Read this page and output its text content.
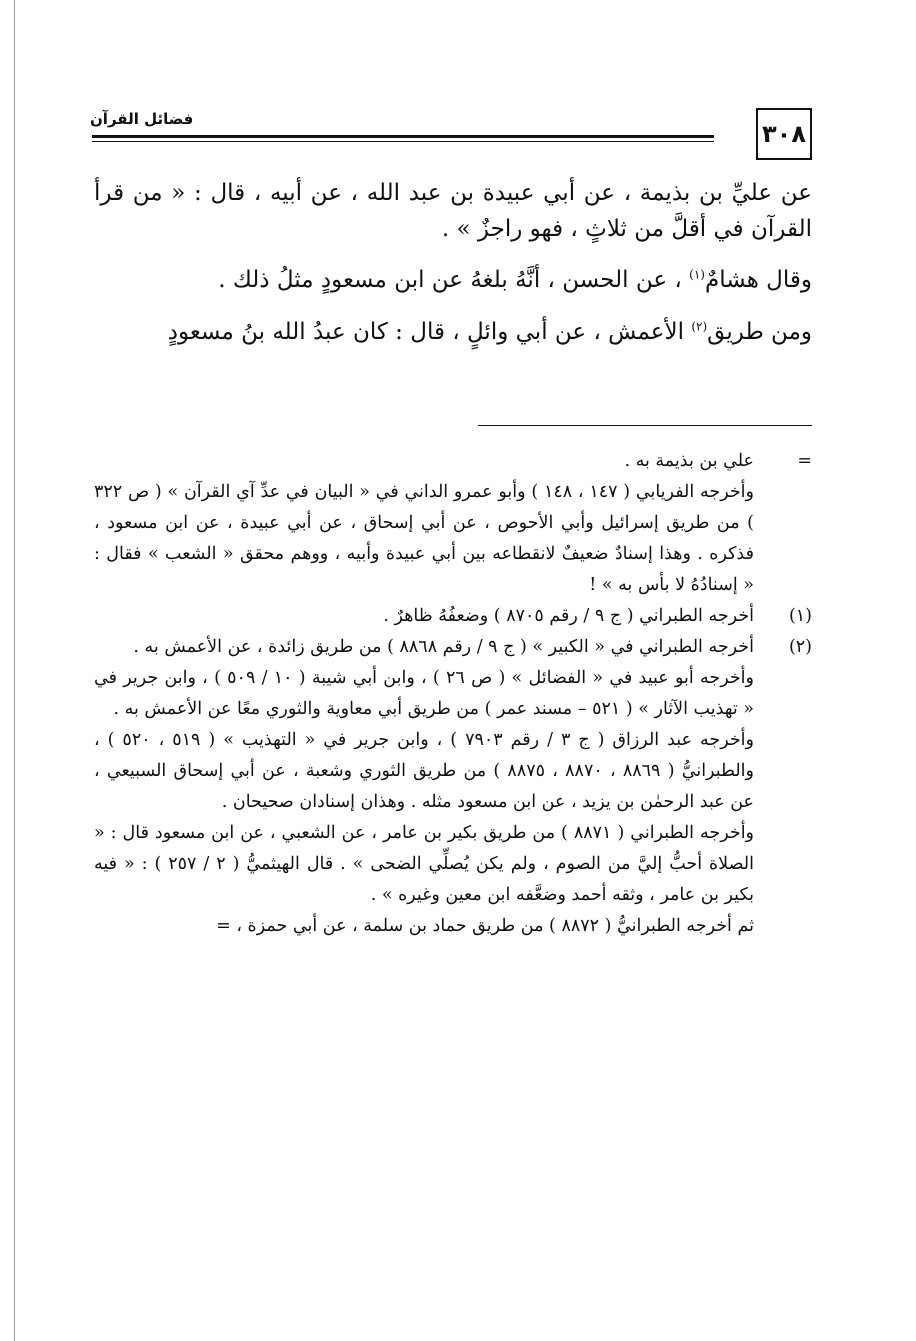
٣٠٨
فضائل القرآن

عن عليِّ بن بذيمة ، عن أبي عبيدة بن عبد الله ، عن أبيه ، قال : « من قرأ القرآن في أقلَّ من ثلاثٍ ، فهو راجزٌ » .

وقال هشامٌ$^{(١)}$ ، عن الحسن ، أنَّهُ بلغهُ عن ابن مسعودٍ مثلُ ذلك .

ومن طريق$^{(٢)}$ الأعمش ، عن أبي وائلٍ ، قال : كان عبدُ الله بنُ مسعودٍ

=

علي بن بذيمة به .

وأخرجه الفريابي ( ١٤٧ ، ١٤٨ ) وأبو عمرو الداني في « البيان في عدِّ آي القرآن » ( ص ٣٢٢ ) من طريق إسرائيل وأبي الأحوص ، عن أبي إسحاق ، عن أبي عبيدة ، عن ابن مسعود ، فذكره . وهذا إسنادٌ ضعيفٌ لانقطاعه بين أبي عبيدة وأبيه ، ووهم محقق « الشعب » فقال : « إسنادُهُ لا بأس به » !

(١)

أخرجه الطبراني ( ج ٩ / رقم ٨٧٠٥ ) وضعفُهُ ظاهرٌ .

(٢)

أخرجه الطبراني في « الكبير » ( ج ٩ / رقم ٨٨٦٨ ) من طريق زائدة ، عن الأعمش به .

وأخرجه أبو عبيد في « الفضائل » ( ص ٢٦ ) ، وابن أبي شيبة ( ١٠ / ٥٠٩ ) ، وابن جرير في « تهذيب الآثار » ( ٥٢١ – مسند عمر ) من طريق أبي معاوية والثوري معًا عن الأعمش به .

وأخرجه عبد الرزاق ( ج ٣ / رقم ٧٩٠٣ ) ، وابن جرير في « التهذيب » ( ٥١٩ ، ٥٢٠ ) ، والطبرانيُّ ( ٨٨٦٩ ، ٨٨٧٠ ، ٨٨٧٥ ) من طريق الثوري وشعبة ، عن أبي إسحاق السبيعي ، عن عبد الرحمٰن بن يزيد ، عن ابن مسعود مثله . وهذان إسنادان صحيحان .

وأخرجه الطبراني ( ٨٨٧١ ) من طريق بكير بن عامر ، عن الشعبي ، عن ابن مسعود قال : « الصلاة أحبُّ إليَّ من الصوم ، ولم يكن يُصلِّي الضحى » . قال الهيثميُّ ( ٢ / ٢٥٧ ) : « فيه بكير بن عامر ، وثقه أحمد وضعَّفه ابن معين وغيره » .

ثم أخرجه الطبرانيُّ ( ٨٨٧٢ ) من طريق حماد بن سلمة ، عن أبي حمزة ، =
